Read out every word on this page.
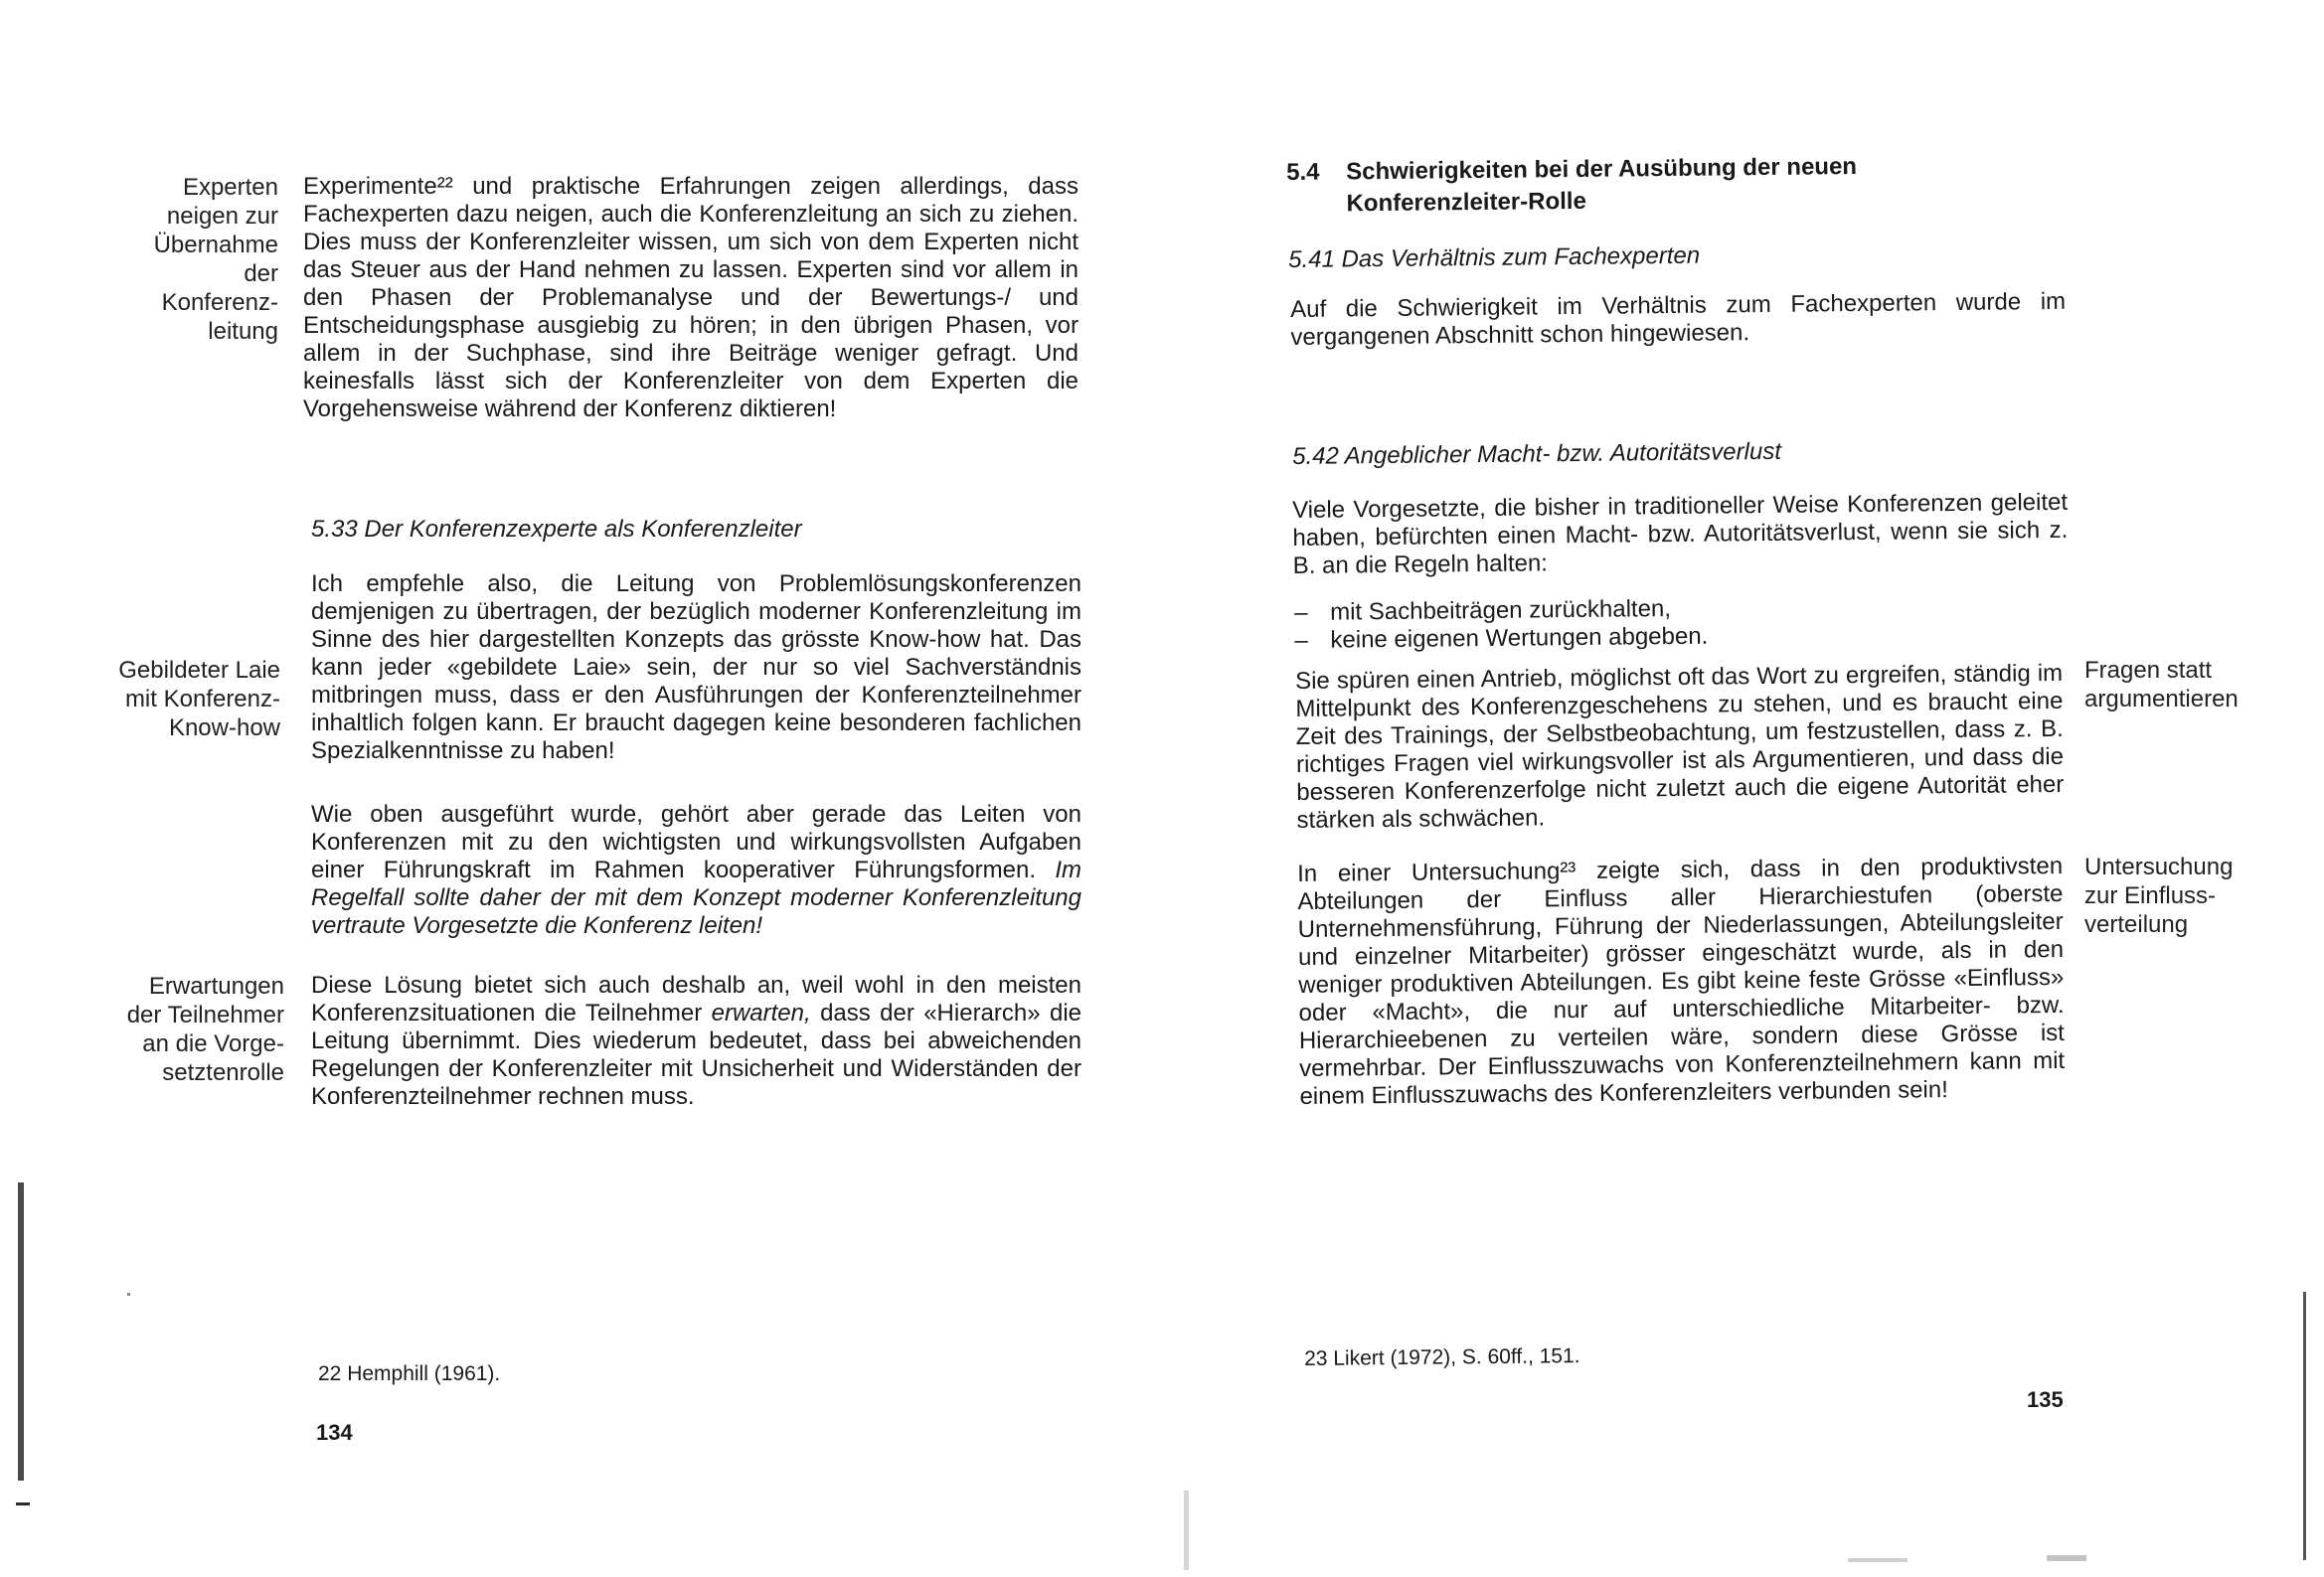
Experten
neigen zur
Übernahme
der
Konferenz-
leitung

Experimente²² und praktische Erfahrungen zeigen allerdings, dass Fachexperten dazu neigen, auch die Konferenzleitung an sich zu ziehen. Dies muss der Konferenzleiter wissen, um sich von dem Experten nicht das Steuer aus der Hand nehmen zu lassen. Experten sind vor allem in den Phasen der Problemanalyse und der Bewertungs-/ und Entscheidungsphase ausgiebig zu hören; in den übrigen Phasen, vor allem in der Suchphase, sind ihre Beiträge weniger gefragt. Und keinesfalls lässt sich der Konferenzleiter von dem Experten die Vorgehensweise während der Konferenz diktieren!

5.33 Der Konferenzexperte als Konferenzleiter

Ich empfehle also, die Leitung von Problemlösungskonferenzen demjenigen zu übertragen, der bezüglich moderner Konferenzleitung im Sinne des hier dargestellten Konzepts das grösste Know-how hat. Das kann jeder «gebildete Laie» sein, der nur so viel Sachverständnis mitbringen muss, dass er den Ausführungen der Konferenzteilnehmer inhaltlich folgen kann. Er braucht dagegen keine besonderen fachlichen Spezialkenntnisse zu haben!

Gebildeter Laie
mit Konferenz-
Know-how

Wie oben ausgeführt wurde, gehört aber gerade das Leiten von Konferenzen mit zu den wichtigsten und wirkungsvollsten Aufgaben einer Führungskraft im Rahmen kooperativer Führungsformen. Im Regelfall sollte daher der mit dem Konzept moderner Konferenzleitung vertraute Vorgesetzte die Konferenz leiten!

Erwartungen
der Teilnehmer
an die Vorge-
setztenrolle

Diese Lösung bietet sich auch deshalb an, weil wohl in den meisten Konferenzsituationen die Teilnehmer erwarten, dass der «Hierarch» die Leitung übernimmt. Dies wiederum bedeutet, dass bei abweichenden Regelungen der Konferenzleiter mit Unsicherheit und Widerständen der Konferenzteilnehmer rechnen muss.

22 Hemphill (1961).
134
5.4 Schwierigkeiten bei der Ausübung der neuen
Konferenzleiter-Rolle
5.41 Das Verhältnis zum Fachexperten

Auf die Schwierigkeit im Verhältnis zum Fachexperten wurde im vergangenen Abschnitt schon hingewiesen.

5.42 Angeblicher Macht- bzw. Autoritätsverlust

Viele Vorgesetzte, die bisher in traditioneller Weise Konferenzen geleitet haben, befürchten einen Macht- bzw. Autoritätsverlust, wenn sie sich z. B. an die Regeln halten:

– mit Sachbeiträgen zurückhalten,
– keine eigenen Wertungen abgeben.

Sie spüren einen Antrieb, möglichst oft das Wort zu ergreifen, ständig im Mittelpunkt des Konferenzgeschehens zu stehen, und es braucht eine Zeit des Trainings, der Selbstbeobachtung, um festzustellen, dass z. B. richtiges Fragen viel wirkungsvoller ist als Argumentieren, und dass die besseren Konferenzerfolge nicht zuletzt auch die eigene Autorität eher stärken als schwächen.

Fragen statt
argumentieren

In einer Untersuchung²³ zeigte sich, dass in den produktivsten Abteilungen der Einfluss aller Hierarchiestufen (oberste Unternehmensführung, Führung der Niederlassungen, Abteilungsleiter und einzelner Mitarbeiter) grösser eingeschätzt wurde, als in den weniger produktiven Abteilungen. Es gibt keine feste Grösse «Einfluss» oder «Macht», die nur auf unterschiedliche Mitarbeiter- bzw. Hierarchieebenen zu verteilen wäre, sondern diese Grösse ist vermehrbar. Der Einflusszuwachs von Konferenzteilnehmern kann mit einem Einflusszuwachs des Konferenzleiters verbunden sein!

Untersuchung
zur Einfluss-
verteilung
23 Likert (1972), S. 60ff., 151.
135
